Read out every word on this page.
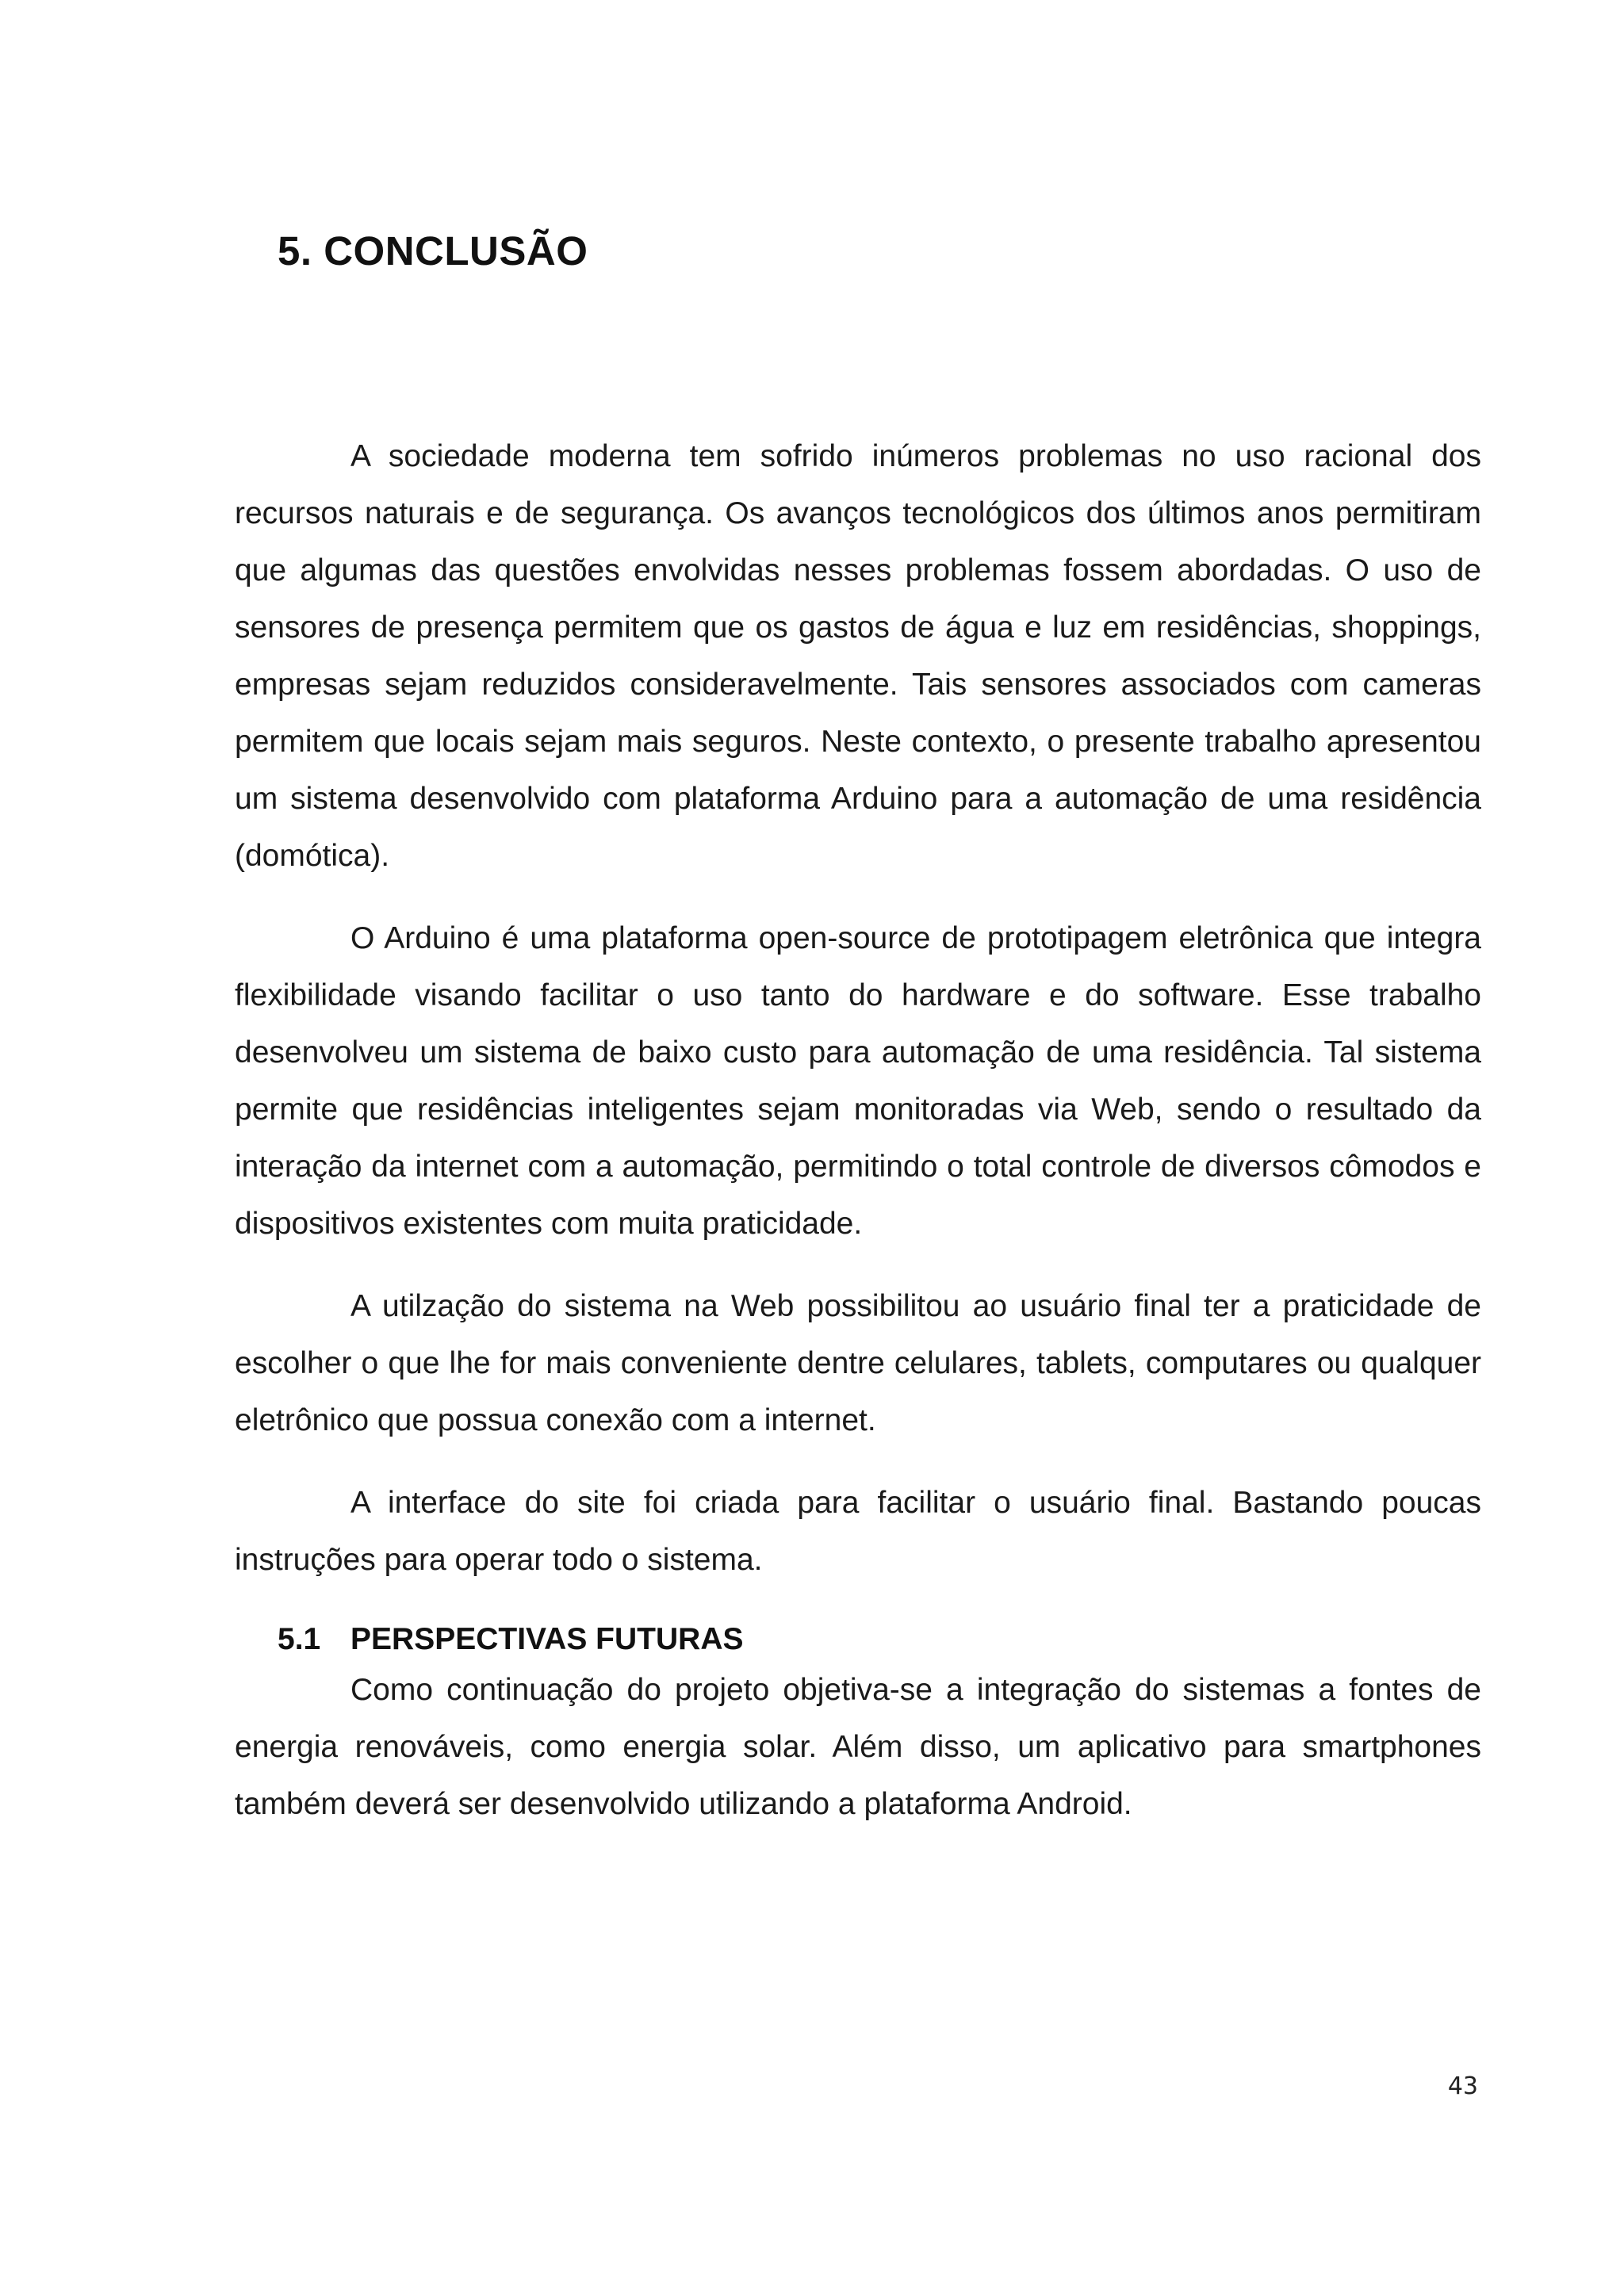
5. CONCLUSÃO

A sociedade moderna tem sofrido inúmeros problemas no uso racional dos recursos naturais e de segurança. Os avanços tecnológicos dos últimos anos permitiram que algumas das questões envolvidas nesses problemas fossem abordadas. O uso de sensores de presença permitem que os gastos de água e luz em residências, shoppings, empresas sejam reduzidos consideravelmente. Tais sensores associados com cameras permitem que locais sejam mais seguros. Neste contexto, o presente trabalho apresentou um sistema desenvolvido com plataforma Arduino para a automação de uma residência (domótica).

O Arduino é uma plataforma open-source de prototipagem eletrônica que integra flexibilidade visando facilitar o uso tanto do hardware e do software. Esse trabalho desenvolveu um sistema de baixo custo para automação de uma residência. Tal sistema permite que residências inteligentes sejam monitoradas via Web, sendo o resultado da interação da internet com a automação, permitindo o total controle de diversos cômodos e dispositivos existentes com muita praticidade.

A utilzação do sistema na Web possibilitou ao usuário final ter a praticidade de escolher o que lhe for mais conveniente dentre celulares, tablets, computares ou qualquer eletrônico que possua conexão com a internet.

A interface do site foi criada para facilitar o usuário final. Bastando poucas instruções para operar todo o sistema.

5.1 PERSPECTIVAS FUTURAS

Como continuação do projeto objetiva-se a integração do sistemas a fontes de energia renováveis, como energia solar. Além disso, um aplicativo para smartphones também deverá ser desenvolvido utilizando a plataforma Android.

43
